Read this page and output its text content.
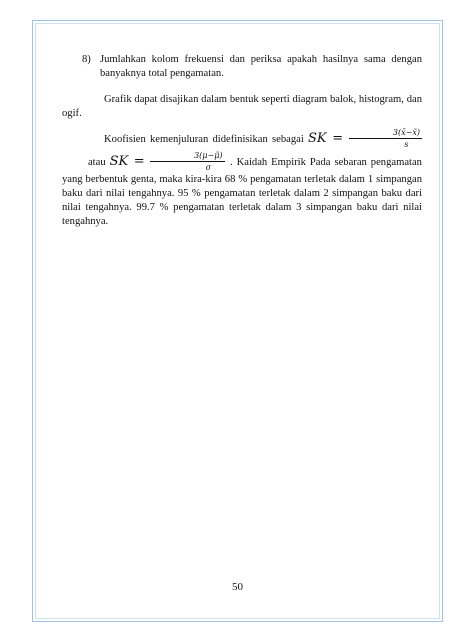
8) Jumlahkan kolom frekuensi dan periksa apakah hasilnya sama dengan banyaknya total pengamatan.

Grafik dapat disajikan dalam bentuk seperti diagram balok, histogram, dan ogif.

Koofisien kemenjuluran didefinisikan sebagai SK = $\frac{3(x̄-x̃)}{s}$
atau SK = $\frac{3(\mu-\mũ)}{\sigma}$ . Kaidah Empirik Pada sebaran pengamatan yang berbentuk genta, maka kira-kira 68 % pengamatan terletak dalam 1 simpangan baku dari nilai tengahnya. 95 % pengamatan terletak dalam 2 simpangan baku dari nilai tengahnya. 99.7 % pengamatan terletak dalam 3 simpangan baku dari nilai tengahnya.

50
